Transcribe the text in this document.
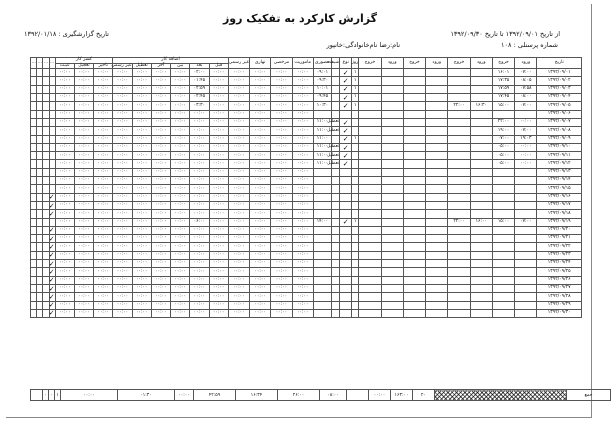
گزارش کارکرد به تفکیک روز
از تاریخ ۱۳۹۲/۰۹/۰۱ تا تاریخ ۱۳۹۲/۰۹/۳۰
تاریخ گزارشگیری : ۱۳۹۲/۰۱/۱۸
شماره پرسنلی : ۱۰۸
نام:رضا نام‌خانوادگی:خانپور
تاریخ	ورود	خروج	ورود	خروج	ورود	خروج	ورود	خروج	روز	نوع	شیفت	حضوری	ماموریت	مرخصی	نهاری	غیر رسمی	اضافه کار						کسر کار			...	...	...	...
																	قبل	بعد	بین	آخر	تعطیل	غیر رسمی	تاخیر	تعجیل	غیبت				
۱۳۹۲/۰۹/۰۱	۰۷:۰۰	۱۶:۰۱							۱	✓		۰۹:۰۱	۰۰:۰۰	۰۰:۰۰	۰۰:۰۰	۰۰:۰۰	۰۰:۰۰	۰۲:۰۰	۰۰:۰۰	۰۰:۰۰	۰۰:۰۰	۰۰:۰۰	۰۰:۰۰	۰۰:۰۰	۰۰:۰۰				
۱۳۹۲/۰۹/۰۲	۰۸:۰۵	۱۷:۳۵							۱	✓		۰۹:۳۰	۰۰:۰۰	۰۰:۰۰	۰۰:۰۰	۰۰:۰۰	۰۰:۰۰	۰۱:۴۵	۰۰:۰۰	۰۰:۰۰	۰۰:۰۰	۰۰:۰۰	۰۰:۰۰	۰۰:۰۰	۰۰:۰۰				
۱۳۹۲/۰۹/۰۳	۰۷:۵۸	۱۷:۵۹							۱	✓		۱۰:۰۱	۰۰:۰۰	۰۰:۰۰	۰۰:۰۰	۰۰:۰۰	۰۰:۰۰	۰۲:۵۹	۰۰:۰۰	۰۰:۰۰	۰۰:۰۰	۰۰:۰۰	۰۰:۰۰	۰۰:۰۰	۰۰:۰۰				
۱۳۹۲/۰۹/۰۴	۰۸:۰۰	۱۷:۴۵							۱	✓		۰۹:۴۵	۰۰:۰۰	۰۰:۰۰	۰۰:۰۰	۰۰:۰۰	۰۰:۰۰	۰۲:۴۵	۰۰:۰۰	۰۰:۰۰	۰۰:۰۰	۰۰:۰۰	۰۰:۰۰	۰۰:۰۰	۰۰:۰۰				
۱۳۹۲/۰۹/۰۵	۰۷:۰۰	۱۵:۰۰	۱۶:۳۰	۲۲:۰۰					۱	✓		۱۰:۳۰	۰۰:۰۰	۰۰:۰۰	۰۰:۰۰	۰۰:۰۰	۰۰:۰۰	۰۳:۳۰	۰۰:۰۰	۰۰:۰۰	۰۰:۰۰	۰۰:۰۰	۰۰:۰۰	۰۰:۰۰	۰۰:۰۰				
۱۳۹۲/۰۹/۰۶													۰۰:۰۰	۰۰:۰۰	۰۰:۰۰	۰۰:۰۰	۰۰:۰۰	۰۰:۰۰	۰۰:۰۰	۰۰:۰۰	۰۰:۰۰	۰۰:۰۰	۰۰:۰۰	۰۰:۰۰	۰۰:۰۰				
۱۳۹۲/۰۹/۰۷	۰۰:۰۰	۲۲:۰۰								✓	تعطیل	۱۱:۰۰	۰۰:۰۰	۰۰:۰۰	۰۰:۰۰	۰۰:۰۰	۰۰:۰۰	۰۰:۰۰	۰۰:۰۰	۰۰:۰۰	۰۰:۰۰	۰۰:۰۰	۰۰:۰۰	۰۰:۰۰	۰۰:۰۰				
۱۳۹۲/۰۹/۰۸	۰۷:۰۰	۱۹:۰۰								✓	تعطیل	۱۱:۰۰	۰۰:۰۰	۰۰:۰۰	۰۰:۰۰	۰۰:۰۰	۰۰:۰۰	۰۰:۰۰	۰۰:۰۰	۰۰:۰۰	۰۰:۰۰	۰۰:۰۰	۰۰:۰۰	۰۰:۰۰	۰۰:۰۰				
۱۳۹۲/۰۹/۰۹	۱۹:۰۳	۰۷:۰۰							۱	✓		۱۱:۰۰	۰۰:۰۰	۰۰:۰۰	۰۰:۰۰	۰۰:۰۰	۰۰:۰۰	۰۰:۰۰	۰۰:۰۰	۰۰:۰۰	۰۰:۰۰	۰۰:۰۰	۰۰:۰۰	۰۰:۰۰	۰۰:۰۰				
۱۳۹۲/۰۹/۱۰	۰۰:۰۰	۰۵:۰۰								✓	تعطیل	۱۱:۰۰	۰۰:۰۰	۰۰:۰۰	۰۰:۰۰	۰۰:۰۰	۰۰:۰۰	۰۰:۰۰	۰۰:۰۰	۰۰:۰۰	۰۰:۰۰	۰۰:۰۰	۰۰:۰۰	۰۰:۰۰	۰۰:۰۰				
۱۳۹۲/۰۹/۱۱	۰۰:۰۰	۰۵:۰۰								✓	تعطیل	۱۱:۰۰	۰۰:۰۰	۰۰:۰۰	۰۰:۰۰	۰۰:۰۰	۰۰:۰۰	۰۰:۰۰	۰۰:۰۰	۰۰:۰۰	۰۰:۰۰	۰۰:۰۰	۰۰:۰۰	۰۰:۰۰	۰۰:۰۰				
۱۳۹۲/۰۹/۱۲	۰۰:۰۰	۰۵:۰۰								✓	تعطیل	۱۱:۰۰	۰۰:۰۰	۰۰:۰۰	۰۰:۰۰	۰۰:۰۰	۰۰:۰۰	۰۰:۰۰	۰۰:۰۰	۰۰:۰۰	۰۰:۰۰	۰۰:۰۰	۰۰:۰۰	۰۰:۰۰	۰۰:۰۰				
۱۳۹۲/۰۹/۱۳													۰۰:۰۰	۰۰:۰۰	۰۰:۰۰	۰۰:۰۰	۰۰:۰۰	۰۰:۰۰	۰۰:۰۰	۰۰:۰۰	۰۰:۰۰	۰۰:۰۰	۰۰:۰۰	۰۰:۰۰	۰۰:۰۰				
۱۳۹۲/۰۹/۱۴													۰۰:۰۰	۰۰:۰۰	۰۰:۰۰	۰۰:۰۰	۰۰:۰۰	۰۰:۰۰	۰۰:۰۰	۰۰:۰۰	۰۰:۰۰	۰۰:۰۰	۰۰:۰۰	۰۰:۰۰	۰۰:۰۰				
۱۳۹۲/۰۹/۱۵													۰۰:۰۰	۰۰:۰۰	۰۰:۰۰	۰۰:۰۰	۰۰:۰۰	۰۰:۰۰	۰۰:۰۰	۰۰:۰۰	۰۰:۰۰	۰۰:۰۰	۰۰:۰۰	۰۰:۰۰	۰۰:۰۰				
۱۳۹۲/۰۹/۱۶													۰۰:۰۰	۰۰:۰۰	۰۰:۰۰	۰۰:۰۰	۰۰:۰۰	۰۰:۰۰	۰۰:۰۰	۰۰:۰۰	۰۰:۰۰	۰۰:۰۰	۰۰:۰۰	۰۰:۰۰	۰۰:۰۰	✓			
۱۳۹۲/۰۹/۱۷													۰۰:۰۰	۰۰:۰۰	۰۰:۰۰	۰۰:۰۰	۰۰:۰۰	۰۰:۰۰	۰۰:۰۰	۰۰:۰۰	۰۰:۰۰	۰۰:۰۰	۰۰:۰۰	۰۰:۰۰	۰۰:۰۰	✓			
۱۳۹۲/۰۹/۱۸													۰۰:۰۰	۰۰:۰۰	۰۰:۰۰	۰۰:۰۰	۰۰:۰۰	۰۰:۰۰	۰۰:۰۰	۰۰:۰۰	۰۰:۰۰	۰۰:۰۰	۰۰:۰۰	۰۰:۰۰	۰۰:۰۰	✓			
۱۳۹۲/۰۹/۱۹	۰۷:۰۰	۱۵:۰۰	۱۶:۰۰	۲۲:۰۰					۱	✓		۱۴:۰۰	۰۰:۰۰	۰۰:۰۰	۰۰:۰۰	۰۰:۰۰	۰۰:۰۰	۰۶:۰۰	۰۰:۰۰	۰۰:۰۰	۰۰:۰۰	۰۰:۰۰	۰۰:۰۰	۰۰:۰۰	۰۰:۰۰				
۱۳۹۲/۰۹/۲۰													۰۰:۰۰	۰۰:۰۰	۰۰:۰۰	۰۰:۰۰	۰۰:۰۰	۰۰:۰۰	۰۰:۰۰	۰۰:۰۰	۰۰:۰۰	۰۰:۰۰	۰۰:۰۰	۰۰:۰۰	۰۰:۰۰	✓			
۱۳۹۲/۰۹/۲۱													۰۰:۰۰	۰۰:۰۰	۰۰:۰۰	۰۰:۰۰	۰۰:۰۰	۰۰:۰۰	۰۰:۰۰	۰۰:۰۰	۰۰:۰۰	۰۰:۰۰	۰۰:۰۰	۰۰:۰۰	۰۰:۰۰	✓			
۱۳۹۲/۰۹/۲۲													۰۰:۰۰	۰۰:۰۰	۰۰:۰۰	۰۰:۰۰	۰۰:۰۰	۰۰:۰۰	۰۰:۰۰	۰۰:۰۰	۰۰:۰۰	۰۰:۰۰	۰۰:۰۰	۰۰:۰۰	۰۰:۰۰	✓			
۱۳۹۲/۰۹/۲۳													۰۰:۰۰	۰۰:۰۰	۰۰:۰۰	۰۰:۰۰	۰۰:۰۰	۰۰:۰۰	۰۰:۰۰	۰۰:۰۰	۰۰:۰۰	۰۰:۰۰	۰۰:۰۰	۰۰:۰۰	۰۰:۰۰	✓			
۱۳۹۲/۰۹/۲۴													۰۰:۰۰	۰۰:۰۰	۰۰:۰۰	۰۰:۰۰	۰۰:۰۰	۰۰:۰۰	۰۰:۰۰	۰۰:۰۰	۰۰:۰۰	۰۰:۰۰	۰۰:۰۰	۰۰:۰۰	۰۰:۰۰	✓			
۱۳۹۲/۰۹/۲۵													۰۰:۰۰	۰۰:۰۰	۰۰:۰۰	۰۰:۰۰	۰۰:۰۰	۰۰:۰۰	۰۰:۰۰	۰۰:۰۰	۰۰:۰۰	۰۰:۰۰	۰۰:۰۰	۰۰:۰۰	۰۰:۰۰	✓			
۱۳۹۲/۰۹/۲۶													۰۰:۰۰	۰۰:۰۰	۰۰:۰۰	۰۰:۰۰	۰۰:۰۰	۰۰:۰۰	۰۰:۰۰	۰۰:۰۰	۰۰:۰۰	۰۰:۰۰	۰۰:۰۰	۰۰:۰۰	۰۰:۰۰	✓			
۱۳۹۲/۰۹/۲۷													۰۰:۰۰	۰۰:۰۰	۰۰:۰۰	۰۰:۰۰	۰۰:۰۰	۰۰:۰۰	۰۰:۰۰	۰۰:۰۰	۰۰:۰۰	۰۰:۰۰	۰۰:۰۰	۰۰:۰۰	۰۰:۰۰	✓			
۱۳۹۲/۰۹/۲۸													۰۰:۰۰	۰۰:۰۰	۰۰:۰۰	۰۰:۰۰	۰۰:۰۰	۰۰:۰۰	۰۰:۰۰	۰۰:۰۰	۰۰:۰۰	۰۰:۰۰	۰۰:۰۰	۰۰:۰۰	۰۰:۰۰	✓			
۱۳۹۲/۰۹/۲۹													۰۰:۰۰	۰۰:۰۰	۰۰:۰۰	۰۰:۰۰	۰۰:۰۰	۰۰:۰۰	۰۰:۰۰	۰۰:۰۰	۰۰:۰۰	۰۰:۰۰	۰۰:۰۰	۰۰:۰۰	۰۰:۰۰	✓			
۱۳۹۲/۰۹/۳۰													۰۰:۰۰	۰۰:۰۰	۰۰:۰۰	۰۰:۰۰	۰۰:۰۰	۰۰:۰۰	۰۰:۰۰	۰۰:۰۰	۰۰:۰۰	۰۰:۰۰	۰۰:۰۰	۰۰:۰۰	۰۰:۰۰	✓			
جمع		۲۰	۱۶۳:۰۰	۰۰:۰۰		۰۸:۰۰	۲۶:۰۰	۱۶:۳۴	۴۲:۵۹	۰۰:۰۰	۰۱:۳۰	۰۰:۰۰	۱	۰	۰	
